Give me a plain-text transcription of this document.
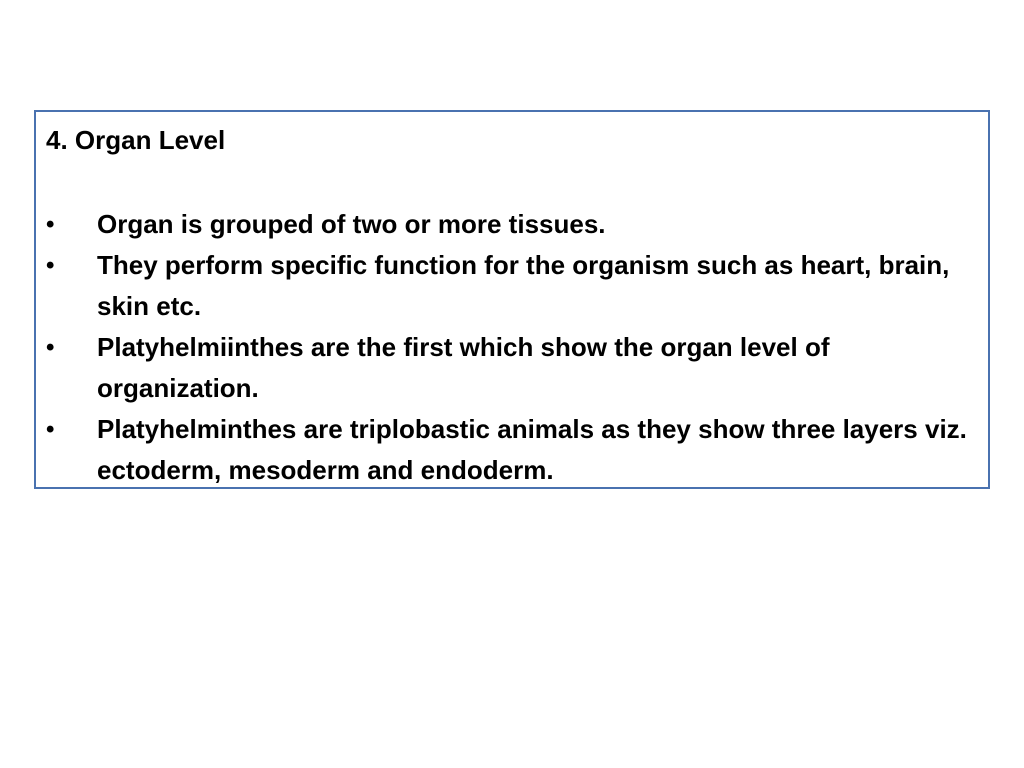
4. Organ Level
•	Organ is grouped of two or more tissues.
•	They perform specific function for the organism such as heart, brain, skin etc.
•	Platyhelmiinthes are the first which show the organ level of organization.
•	Platyhelminthes are triplobastic animals as they show three layers viz. ectoderm, mesoderm and endoderm.
